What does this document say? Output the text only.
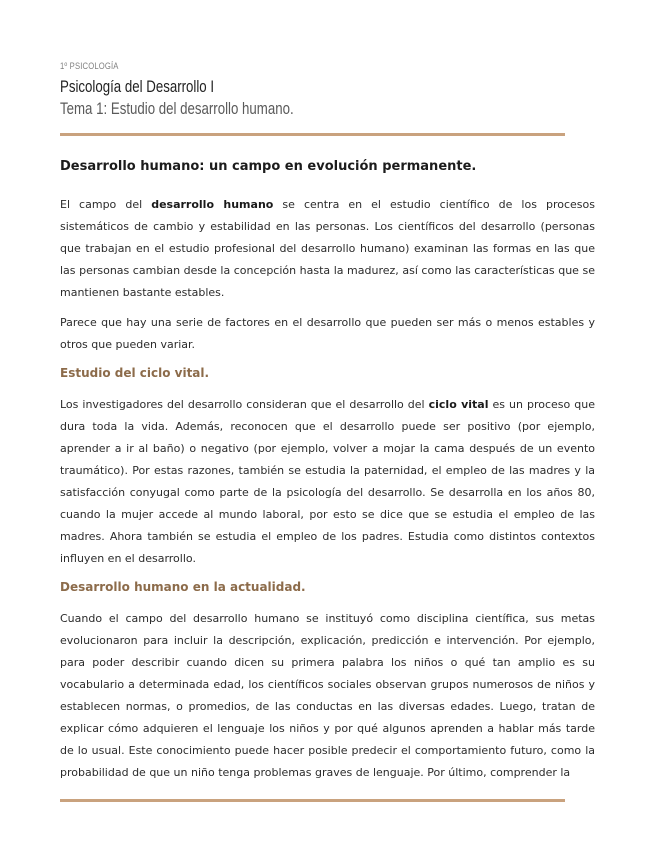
1º PSICOLOGÍA
Psicología del Desarrollo I
Tema 1: Estudio del desarrollo humano.
Desarrollo humano: un campo en evolución permanente.

El campo del desarrollo humano se centra en el estudio científico de los procesos sistemáticos de cambio y estabilidad en las personas. Los científicos del desarrollo (personas que trabajan en el estudio profesional del desarrollo humano) examinan las formas en las que las personas cambian desde la concepción hasta la madurez, así como las características que se mantienen bastante estables.

Parece que hay una serie de factores en el desarrollo que pueden ser más o menos estables y otros que pueden variar.

Estudio del ciclo vital.

Los investigadores del desarrollo consideran que el desarrollo del ciclo vital es un proceso que dura toda la vida. Además, reconocen que el desarrollo puede ser positivo (por ejemplo, aprender a ir al baño) o negativo (por ejemplo, volver a mojar la cama después de un evento traumático). Por estas razones, también se estudia la paternidad, el empleo de las madres y la satisfacción conyugal como parte de la psicología del desarrollo. Se desarrolla en los años 80, cuando la mujer accede al mundo laboral, por esto se dice que se estudia el empleo de las madres. Ahora también se estudia el empleo de los padres. Estudia como distintos contextos influyen en el desarrollo.

Desarrollo humano en la actualidad.

Cuando el campo del desarrollo humano se instituyó como disciplina científica, sus metas evolucionaron para incluir la descripción, explicación, predicción e intervención. Por ejemplo, para poder describir cuando dicen su primera palabra los niños o qué tan amplio es su vocabulario a determinada edad, los científicos sociales observan grupos numerosos de niños y establecen normas, o promedios, de las conductas en las diversas edades. Luego, tratan de explicar cómo adquieren el lenguaje los niños y por qué algunos aprenden a hablar más tarde de lo usual. Este conocimiento puede hacer posible predecir el comportamiento futuro, como la probabilidad de que un niño tenga problemas graves de lenguaje. Por último, comprender la
